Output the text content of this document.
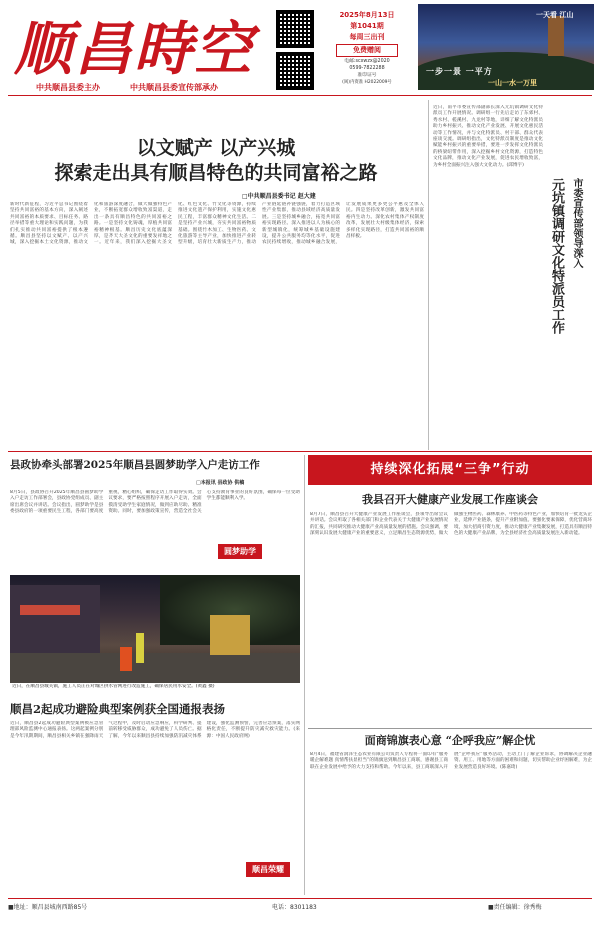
顺昌時空
中共顺昌县委主办	中共顺昌县委宣传部承办
2025年8月13日
第1041期
每周三出刊
免费赠阅
电邮:scxwzx@2020
0599-7822288
准印证号
(闽)内资准 H2022009号
一天看 江山
一步一景 一平方
一山一水一万里
以文赋产 以产兴城
探索走出具有顺昌特色的共同富裕之路
□中共顺昌县委书记 赵大建
新时代新征程，习近平总书记围绕着坚持共同富裕的基本方向，深入阐述共同富裕的本质要求、目标任务、路径举措等重大理论和实践问题，为我们扎实推动共同富裕提供了根本遵循。顺昌县坚持以文赋产、以产兴城，深入挖掘本土文化资源，推动文化和旅游深度融合，做大做强特色产业，不断拓宽群众增收致富渠道，走出一条具有顺昌特色的共同富裕之路。一是坚持文化铸魂，厚植共同富裕精神根基。顺昌历史文化底蕴深厚，是齐天大圣文化的重要发祥地之一。近年来，我们深入挖掘大圣文化、红色文化、竹文化等资源，持续推进文化遗产保护利用，实施文化惠民工程，丰富群众精神文化生活。二是坚持产业兴城，夯实共同富裕物质基础。围绕竹木加工、生物医药、文化旅游等主导产业，加快推进产业转型升级，培育壮大新质生产力，推动产业链延链补链强链，着力打造区域性产业集群，推动县域经济高质量发展。三是坚持城乡融合，拓宽共同富裕实现路径。深入推进以人为核心的新型城镇化，统筹城乡基础设施建设，提升公共服务均等化水平，促进农民持续增收，推动城乡融合发展，让发展成果更多更公平惠及全体人民。四是坚持改革创新，激发共同富裕内生动力。深化农村集体产权制度改革，发展壮大村级集体经济，探索多样化实现路径，打造共同富裕的顺昌样板。	元坑镇调研文化特派员工作 市委宣传部领导深入
近日，南平市委宣传部副部长深入元坑镇调研文化特派员工作开展情况。调研组一行先后走访了东郊村、秀水村、槎溪村、九龙村等地，详细了解文化特派员助力乡村振兴、推动文化产业发展、开展文化惠民活动等工作情况，并与文化特派员、村干部、群众代表座谈交流。调研组指出，文化特派员制度是推动文化赋能乡村振兴的重要举措，要进一步发挥文化特派员的桥梁纽带作用，深入挖掘乡村文化资源，打造特色文化品牌，推动文化产业发展，促进农民增收致富，为乡村全面振兴注入强大文化动力。(邱博宇)
县政协牵头部署2025年顺昌县圆梦助学入户走访工作
□本报讯 县政协 供稿
8月5日，县政协召开2025年顺昌县圆梦助学入户走访工作部署会，县政协党组成员、副主席出席会议并讲话。会议指出，圆梦助学是县委县政府的一项重要民生工程，各部门要高度重视，精心组织，确保走访工作取得实效。会议要求，要严格按照程序开展入户走访，全面摸清受助学生家庭情况，做到应助尽助、精准资助。同时，要加强政策宣传，营造全社会关心支持教育事业的良好氛围，确保每一位受助学生都能顺利入学。
圆梦助学
近日，在顺昌县城关镇，施工人员正在对城区供水管网进行改造施工，确保居民用水安全。(黄鑫 摄)
顺昌2起成功避险典型案例获全国通报表扬
近日，顺昌县2起成功避险典型案例被应急管理部风险监测中心通报表扬。这两起案例分别是今年汛期期间，顺昌县相关乡镇在强降雨天气过程中，及时启动应急响应，科学研判、提前转移受威胁群众，成功避免了人员伤亡。据了解，今年以来顺昌县持续加强防汛减灾体系建设，强化监测预警，完善应急预案，落实网格化责任，不断提升防灾减灾救灾能力。(来源：中国人民政府网)
持续深化拓展“三争”行动
我县召开大健康产业发展工作座谈会
8月7日，顺昌县召开大健康产业发展工作座谈会，县领导出席会议并讲话。会议听取了各相关部门和企业代表关于大健康产业发展情况的汇报，共同研究推动大健康产业高质量发展的措施。会议强调，要深刻认识发展大健康产业的重要意义，立足顺昌生态资源优势，做大做强生物医药、森林康养、中医药等特色产业，加快培育一批龙头企业，延伸产业链条，提升产业附加值。要强化要素保障，优化营商环境，加大招商引资力度，推动大健康产业集聚发展，打造具有顺昌特色的大健康产业品牌，为全县经济社会高质量发展注入新动能。
面商锦旗表心意 “企呼我应”解企忧
8月4日，福建省润泽生态农业有限公司负责人专程将一面印有“服务暖企解难题 真情帮扶显担当”的锦旗送到顺昌县工商联，感谢县工商联在企业发展中给予的大力支持和帮助。今年以来，县工商联深入开展“企呼我应”服务活动，主动上门了解企业诉求，协调解决企业融资、用工、用地等方面的困难和问题，切实帮助企业纾困解难，为企业发展营造良好环境。(陈嘉琦)
顺昌荣耀
■地址：顺昌县城南西路85号	电话：8301183	■责任编辑：徐秀梅
